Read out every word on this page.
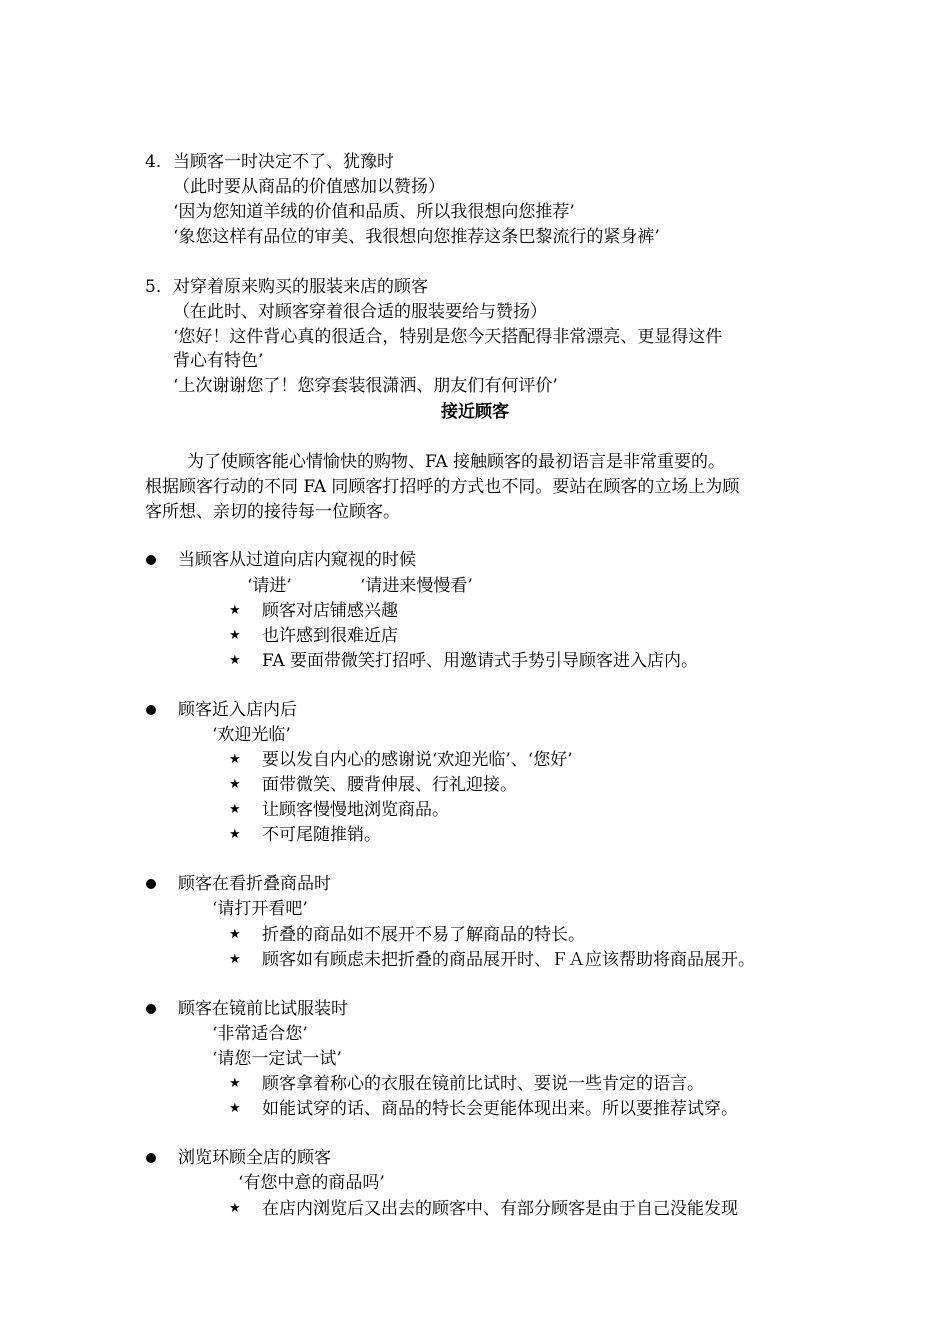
4. 当顾客一时决定不了、犹豫时
（此时要从商品的价值感加以赞扬）
‘因为您知道羊绒的价值和品质、所以我很想向您推荐’
‘象您这样有品位的审美、我很想向您推荐这条巴黎流行的紧身裤’
5. 对穿着原来购买的服装来店的顾客
（在此时、对顾客穿着很合适的服装要给与赞扬）
‘您好！这件背心真的很适合，特别是您今天搭配得非常漂亮、更显得这件
背心有特色’
‘上次谢谢您了！您穿套装很潇洒、朋友们有何评价’
接近顾客
为了使顾客能心情愉快的购物、FA 接触顾客的最初语言是非常重要的。
根据顾客行动的不同 FA 同顾客打招呼的方式也不同。要站在顾客的立场上为顾
客所想、亲切的接待每一位顾客。
当顾客从过道向店内窥视的时候
‘请进’	‘请进来慢慢看’
★ 顾客对店铺感兴趣
★ 也许感到很难近店
★ FA 要面带微笑打招呼、用邀请式手势引导顾客进入店内。
顾客近入店内后
‘欢迎光临’
★ 要以发自内心的感谢说‘欢迎光临’、‘您好’
★ 面带微笑、腰背伸展、行礼迎接。
★ 让顾客慢慢地浏览商品。
★ 不可尾随推销。
顾客在看折叠商品时
‘请打开看吧’
★ 折叠的商品如不展开不易了解商品的特长。
★ 顾客如有顾虑未把折叠的商品展开时、ＦＡ应该帮助将商品展开。
顾客在镜前比试服装时
‘非常适合您’
‘请您一定试一试’
★ 顾客拿着称心的衣服在镜前比试时、要说一些肯定的语言。
★ 如能试穿的话、商品的特长会更能体现出来。所以要推荐试穿。
浏览环顾全店的顾客
‘有您中意的商品吗’
★ 在店内浏览后又出去的顾客中、有部分顾客是由于自己没能发现
